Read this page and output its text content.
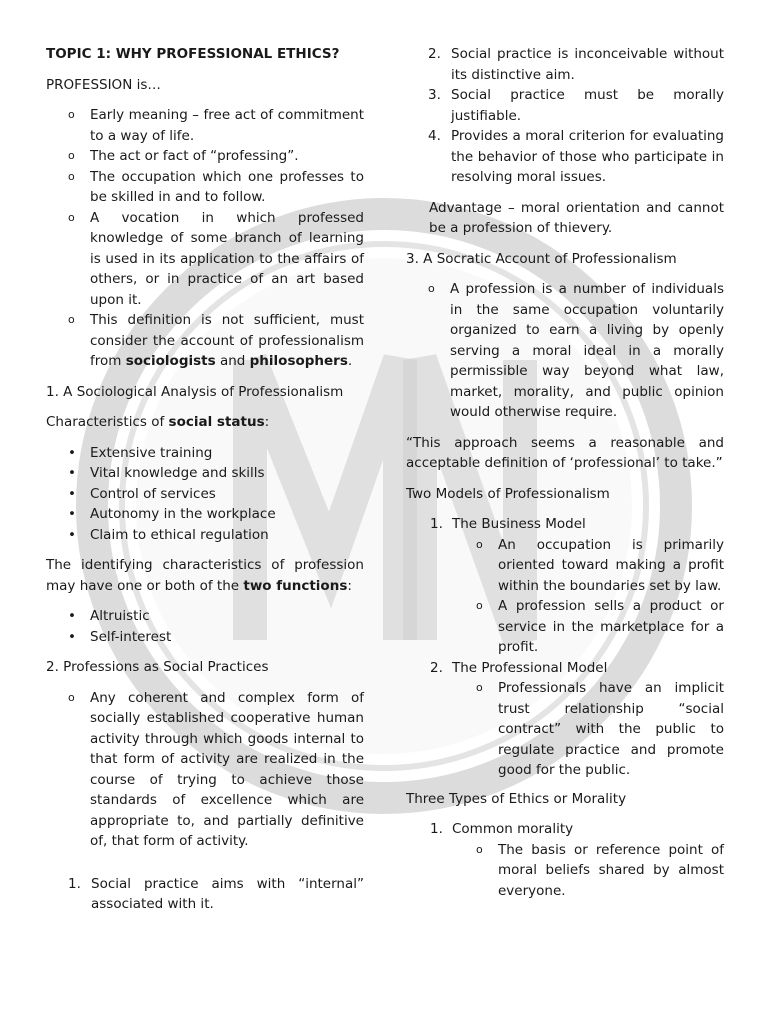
TOPIC 1: WHY PROFESSIONAL ETHICS?

PROFESSION is…

o Early meaning – free act of commitment to a way of life.
o The act or fact of “professing”.
o The occupation which one professes to be skilled in and to follow.
o A vocation in which professed knowledge of some branch of learning is used in its application to the affairs of others, or in practice of an art based upon it.
o This definition is not sufficient, must consider the account of professionalism from sociologists and philosophers.

1. A Sociological Analysis of Professionalism

Characteristics of social status:

• Extensive training
• Vital knowledge and skills
• Control of services
• Autonomy in the workplace
• Claim to ethical regulation

The identifying characteristics of profession may have one or both of the two functions:

• Altruistic
• Self-interest

2. Professions as Social Practices

o Any coherent and complex form of socially established cooperative human activity through which goods internal to that form of activity are realized in the course of trying to achieve those standards of excellence which are appropriate to, and partially definitive of, that form of activity.
1. Social practice aims with “internal” associated with it.
2. Social practice is inconceivable without its distinctive aim.
3. Social practice must be morally justifiable.
4. Provides a moral criterion for evaluating the behavior of those who participate in resolving moral issues.

Advantage – moral orientation and cannot be a profession of thievery.

3. A Socratic Account of Professionalism

o A profession is a number of individuals in the same occupation voluntarily organized to earn a living by openly serving a moral ideal in a morally permissible way beyond what law, market, morality, and public opinion would otherwise require.

“This approach seems a reasonable and acceptable definition of ‘professional’ to take.”

Two Models of Professionalism

1. The Business Model
o An occupation is primarily oriented toward making a profit within the boundaries set by law.
o A profession sells a product or service in the marketplace for a profit.
2. The Professional Model
o Professionals have an implicit trust relationship “social contract” with the public to regulate practice and promote good for the public.

Three Types of Ethics or Morality

1. Common morality
o The basis or reference point of moral beliefs shared by almost everyone.
